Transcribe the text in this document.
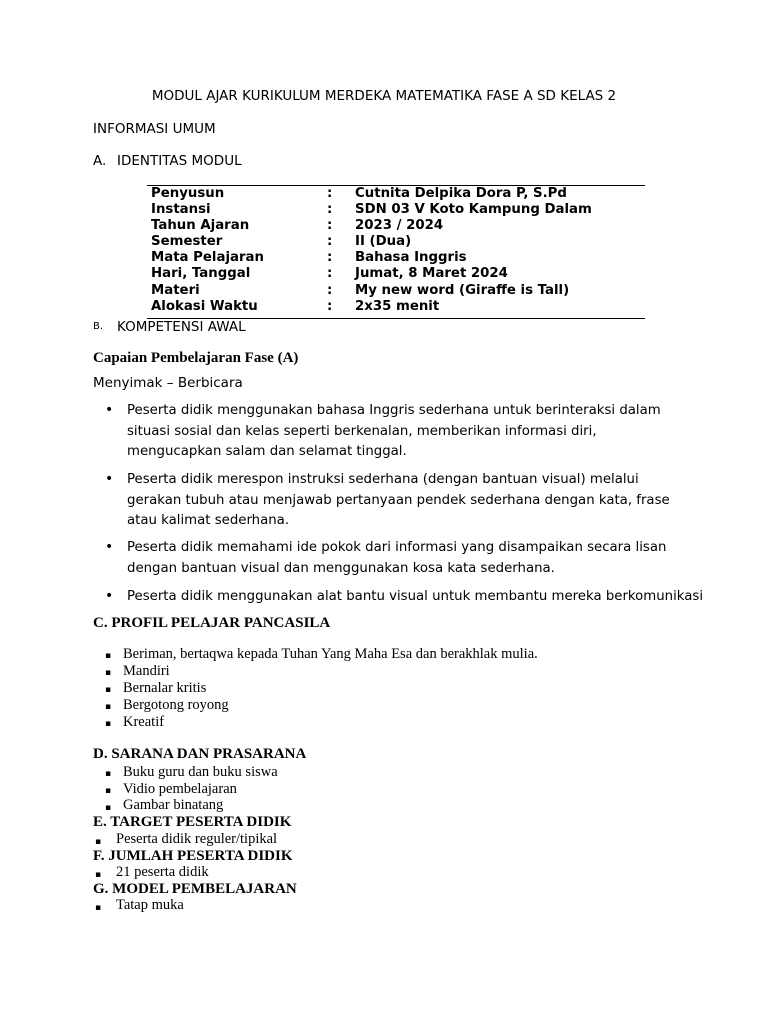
MODUL AJAR KURIKULUM MERDEKA MATEMATIKA FASE A SD KELAS 2
INFORMASI UMUM
A. IDENTITAS MODUL
Penyusun	: Cutnita Delpika Dora P, S.Pd
Instansi	: SDN 03 V Koto Kampung Dalam
Tahun Ajaran	: 2023 / 2024
Semester	: II (Dua)
Mata Pelajaran	: Bahasa Inggris
Hari, Tanggal	: Jumat, 8 Maret 2024
Materi	: My new word (Giraffe is Tall)
Alokasi Waktu	: 2x35 menit
B. KOMPETENSI AWAL
Capaian Pembelajaran Fase (A)
Menyimak – Berbicara
• Peserta didik menggunakan bahasa Inggris sederhana untuk berinteraksi dalam situasi sosial dan kelas seperti berkenalan, memberikan informasi diri, mengucapkan salam dan selamat tinggal.
• Peserta didik merespon instruksi sederhana (dengan bantuan visual) melalui gerakan tubuh atau menjawab pertanyaan pendek sederhana dengan kata, frase atau kalimat sederhana.
• Peserta didik memahami ide pokok dari informasi yang disampaikan secara lisan dengan bantuan visual dan menggunakan kosa kata sederhana.
• Peserta didik menggunakan alat bantu visual untuk membantu mereka berkomunikasi
C. PROFIL PELAJAR PANCASILA
▪ Beriman, bertaqwa kepada Tuhan Yang Maha Esa dan berakhlak mulia.
▪ Mandiri
▪ Bernalar kritis
▪ Bergotong royong
▪ Kreatif
D. SARANA DAN PRASARANA
▪ Buku guru dan buku siswa
▪ Vidio pembelajaran
▪ Gambar binatang
E. TARGET PESERTA DIDIK
▪ Peserta didik reguler/tipikal
F. JUMLAH PESERTA DIDIK
▪ 21 peserta didik
G. MODEL PEMBELAJARAN
▪ Tatap muka
